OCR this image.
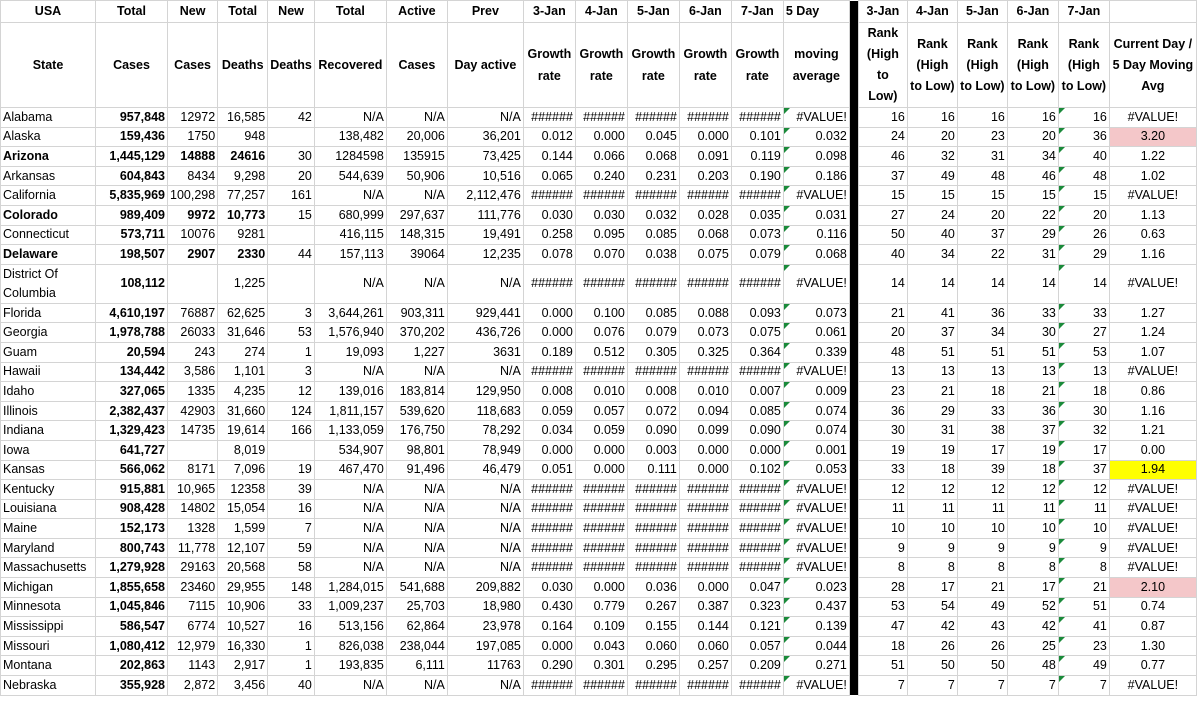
USA	Total	New	Total	New	Total	Active	Prev	3-Jan	4-Jan	5-Jan	6-Jan	7-Jan	5 Day		3-Jan	4-Jan	5-Jan	6-Jan	7-Jan	
State	Cases	Cases	Deaths	Deaths	Recovered	Cases	Day active	Growth rate	Growth rate	Growth rate	Growth rate	Growth rate	moving average		Rank (High to Low)	Rank (High to Low)	Rank (High to Low)	Rank (High to Low)	Rank (High to Low)	Current Day / 5 Day Moving Avg
Alabama	957,848	12972	16,585	42	N/A	N/A	N/A	######	######	######	######	######	#VALUE!		16	16	16	16	16	#VALUE!
Alaska	159,436	1750	948		138,482	20,006	36,201	0.012	0.000	0.045	0.000	0.101	0.032		24	20	23	20	36	3.20
Arizona	1,445,129	14888	24616	30	1284598	135915	73,425	0.144	0.066	0.068	0.091	0.119	0.098		46	32	31	34	40	1.22
Arkansas	604,843	8434	9,298	20	544,639	50,906	10,516	0.065	0.240	0.231	0.203	0.190	0.186		37	49	48	46	48	1.02
California	5,835,969	100,298	77,257	161	N/A	N/A	2,112,476	######	######	######	######	######	#VALUE!		15	15	15	15	15	#VALUE!
Colorado	989,409	9972	10,773	15	680,999	297,637	111,776	0.030	0.030	0.032	0.028	0.035	0.031		27	24	20	22	20	1.13
Connecticut	573,711	10076	9281		416,115	148,315	19,491	0.258	0.095	0.085	0.068	0.073	0.116		50	40	37	29	26	0.63
Delaware	198,507	2907	2330	44	157,113	39064	12,235	0.078	0.070	0.038	0.075	0.079	0.068		40	34	22	31	29	1.16
District Of Columbia	108,112		1,225		N/A	N/A	N/A	######	######	######	######	######	#VALUE!		14	14	14	14	14	#VALUE!
Florida	4,610,197	76887	62,625	3	3,644,261	903,311	929,441	0.000	0.100	0.085	0.088	0.093	0.073		21	41	36	33	33	1.27
Georgia	1,978,788	26033	31,646	53	1,576,940	370,202	436,726	0.000	0.076	0.079	0.073	0.075	0.061		20	37	34	30	27	1.24
Guam	20,594	243	274	1	19,093	1,227	3631	0.189	0.512	0.305	0.325	0.364	0.339		48	51	51	51	53	1.07
Hawaii	134,442	3,586	1,101	3	N/A	N/A	N/A	######	######	######	######	######	#VALUE!		13	13	13	13	13	#VALUE!
Idaho	327,065	1335	4,235	12	139,016	183,814	129,950	0.008	0.010	0.008	0.010	0.007	0.009		23	21	18	21	18	0.86
Illinois	2,382,437	42903	31,660	124	1,811,157	539,620	118,683	0.059	0.057	0.072	0.094	0.085	0.074		36	29	33	36	30	1.16
Indiana	1,329,423	14735	19,614	166	1,133,059	176,750	78,292	0.034	0.059	0.090	0.099	0.090	0.074		30	31	38	37	32	1.21
Iowa	641,727		8,019		534,907	98,801	78,949	0.000	0.000	0.003	0.000	0.000	0.001		19	19	17	19	17	0.00
Kansas	566,062	8171	7,096	19	467,470	91,496	46,479	0.051	0.000	0.111	0.000	0.102	0.053		33	18	39	18	37	1.94
Kentucky	915,881	10,965	12358	39	N/A	N/A	N/A	######	######	######	######	######	#VALUE!		12	12	12	12	12	#VALUE!
Louisiana	908,428	14802	15,054	16	N/A	N/A	N/A	######	######	######	######	######	#VALUE!		11	11	11	11	11	#VALUE!
Maine	152,173	1328	1,599	7	N/A	N/A	N/A	######	######	######	######	######	#VALUE!		10	10	10	10	10	#VALUE!
Maryland	800,743	11,778	12,107	59	N/A	N/A	N/A	######	######	######	######	######	#VALUE!		9	9	9	9	9	#VALUE!
Massachusetts	1,279,928	29163	20,568	58	N/A	N/A	N/A	######	######	######	######	######	#VALUE!		8	8	8	8	8	#VALUE!
Michigan	1,855,658	23460	29,955	148	1,284,015	541,688	209,882	0.030	0.000	0.036	0.000	0.047	0.023		28	17	21	17	21	2.10
Minnesota	1,045,846	7115	10,906	33	1,009,237	25,703	18,980	0.430	0.779	0.267	0.387	0.323	0.437		53	54	49	52	51	0.74
Mississippi	586,547	6774	10,527	16	513,156	62,864	23,978	0.164	0.109	0.155	0.144	0.121	0.139		47	42	43	42	41	0.87
Missouri	1,080,412	12,979	16,330	1	826,038	238,044	197,085	0.000	0.043	0.060	0.060	0.057	0.044		18	26	26	25	23	1.30
Montana	202,863	1143	2,917	1	193,835	6,111	11763	0.290	0.301	0.295	0.257	0.209	0.271		51	50	50	48	49	0.77
Nebraska	355,928	2,872	3,456	40	N/A	N/A	N/A	######	######	######	######	######	#VALUE!		7	7	7	7	7	#VALUE!
